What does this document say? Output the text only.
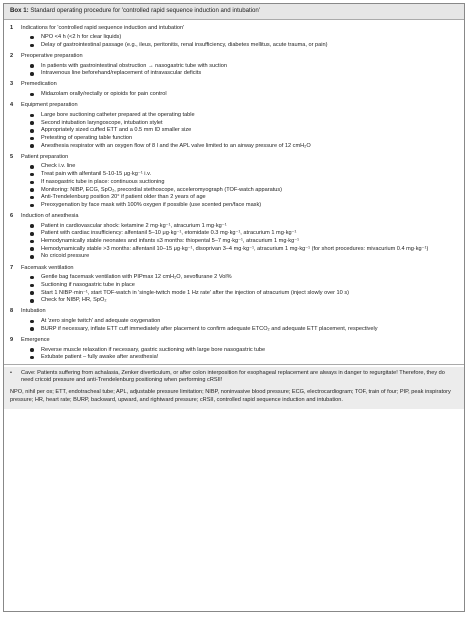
Box 1: Standard operating procedure for 'controlled rapid sequence induction and intubation'
1	Indications for 'controlled rapid sequence induction and intubation'
NPO <4 h (<2 h for clear liquids)
Delay of gastrointestinal passage (e.g., ileus, peritonitis, renal insufficiency, diabetes mellitus, acute trauma, or pain)
2	Preoperative preparation
In patients with gastrointestinal obstruction → nasogastric tube with suction
Intravenous line beforehand/replacement of intravascular deficits
3	Premedication
Midazolam orally/rectally or opioids for pain control
4	Equipment preparation
Large bore suctioning catheter prepared at the operating table
Second intubation laryngoscope, intubation stylet
Appropriately sized cuffed ETT and a 0.5 mm ID smaller size
Pretesting of operating table function
Anesthesia respirator with an oxygen flow of 8 l and the APL valve limited to an airway pressure of 12 cmH₂O
5	Patient preparation
Check i.v. line
Treat pain with alfentanil 5-10-15 μg·kg⁻¹ i.v.
If nasogastric tube in place: continuous suctioning
Monitoring: NIBP, ECG, SpO₂, precordial stethoscope, acceleromyograph (TOF-watch apparatus)
Anti-Trendelenburg position 20° if patient older than 2 years of age
Preoxygenation by face mask with 100% oxygen if possible (use scented pen/face mask)
6	Induction of anesthesia
Patient in cardiovascular shock: ketamine 2 mg·kg⁻¹, atracurium 1 mg·kg⁻¹
Patient with cardiac insufficiency: alfentanil 5–10 μg·kg⁻¹, etomidate 0.3 mg·kg⁻¹, atracurium 1 mg·kg⁻¹
Hemodynamically stable neonates and infants ≤3 months: thiopental 5–7 mg·kg⁻¹, atracurium 1 mg·kg⁻¹
Hemodynamically stable >3 months: alfentanil 10–15 μg·kg⁻¹, disoprivan 3–4 mg·kg⁻¹, atracurium 1 mg·kg⁻¹ (for short procedures: mivacurium 0.4 mg·kg⁻¹)
No cricoid pressure
7	Facemask ventilation
Gentle bag facemask ventilation with PIPmax 12 cmH₂O, sevoflurane 2 Vol%
Suctioning if nasogastric tube in place
Start 1 NIBP·min⁻¹, start TOF-watch in 'single-twitch mode 1 Hz rate' after the injection of atracurium (inject slowly over 10 s)
Check for NIBP, HR, SpO₂
8	Intubation
At 'zero single twitch' and adequate oxygenation
BURP if necessary, inflate ETT cuff immediately after placement to confirm adequate ETCO₂ and adequate ETT placement, respectively
9	Emergence
Reverse muscle relaxation if necessary, gastric suctioning with large bore nasogastric tube
Extubate patient – fully awake after anesthesia!
•	Cave: Patients suffering from achalasia, Zenker diverticulum, or after colon interposition for esophageal replacement are always in danger to regurgitate! Therefore, they do need cricoid pressure and anti-Trendelenburg positioning when performing cRSII!

NPO, nihil per os; ETT, endotracheal tube; APL, adjustable pressure limitation; NIBP, noninvasive blood pressure; ECG, electrocardiogram; TOF, train of four; PIP, peak inspiratory pressure; HR, heart rate; BURP, backward, upward, and rightward pressure; cRSII, controlled rapid sequence induction and intubation.
